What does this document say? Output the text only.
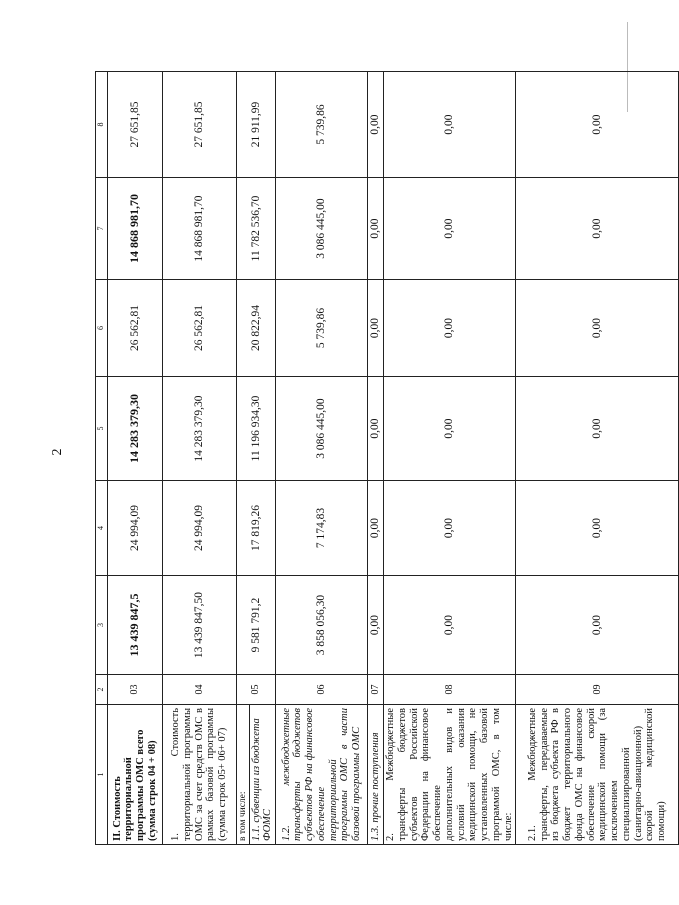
2
1	2	3	4	5	6	7	8
II. Стоимость территориальной программы ОМС всего (сумма строк 04 + 08)	03	13 439 847,5	24 994,09	14 283 379,30	26 562,81	14 868 981,70	27 651,85
1. Стоимость территориальной программы ОМС за счет средств ОМС в рамках базовой программы (сумма строк 05+ 06+ 07)	04	13 439 847,50	24 994,09	14 283 379,30	26 562,81	14 868 981,70	27 651,85

в том числе: 1.1. субвенции из бюджета ФОМС	05	9 581 791,2	17 819,26	11 196 934,30	20 822,94	11 782 536,70	21 911,99
1.2. межбюджетные трансферты бюджетов субъектов РФ на финансовое обеспечение территориальной программы ОМС в части базовой программы ОМС	06	3 858 056,30	7 174,83	3 086 445,00	5 739,86	3 086 445,00	5 739,86
1.3. прочие поступления	07	0,00	0,00	0,00	0,00	0,00	0,00
2. Межбюджетные трансферты бюджетов субъектов Российской Федерации на финансовое обеспечение дополнительных видов и условий оказания медицинской помощи, не установленных базовой программой ОМС, в том числе:	08	0,00	0,00	0,00	0,00	0,00	0,00
2.1. Межбюджетные трансферты, передаваемые из бюджета субъекта РФ в бюджет территориального фонда ОМС на финансовое обеспечение скорой медицинской помощи (за исключением специализированной (санитарно-авиационной) скорой медицинской помощи)	09	0,00	0,00	0,00	0,00	0,00	0,00
